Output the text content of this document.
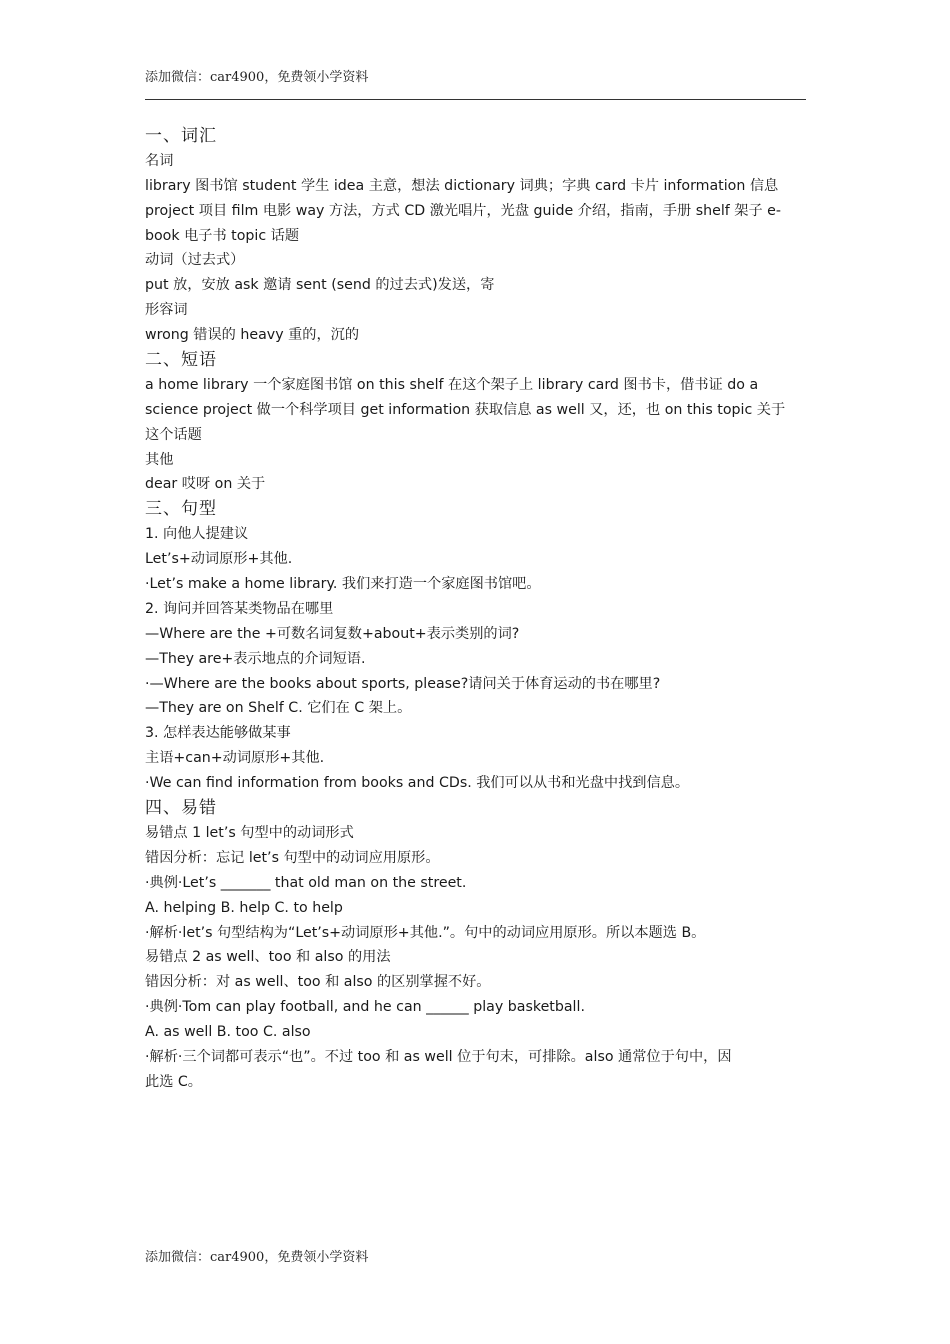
添加微信：car4900，免费领小学资料
一、词汇
名词
library 图书馆 student 学生 idea 主意，想法 dictionary 词典；字典 card 卡片 information 信息
project 项目 film 电影 way 方法，方式 CD 激光唱片，光盘 guide 介绍，指南，手册 shelf 架子 e-
book 电子书 topic 话题
动词（过去式）
put 放，安放 ask 邀请 sent (send 的过去式)发送，寄
形容词
wrong 错误的 heavy 重的，沉的
二、短语
a home library 一个家庭图书馆 on this shelf 在这个架子上 library card 图书卡，借书证 do a
science project 做一个科学项目 get information 获取信息 as well 又，还，也 on this topic 关于
这个话题
其他
dear 哎呀 on 关于
三、句型
1. 向他人提建议
Let’s+动词原形+其他.
·Let’s make a home library. 我们来打造一个家庭图书馆吧。
2. 询问并回答某类物品在哪里
—Where are the +可数名词复数+about+表示类别的词?
—They are+表示地点的介词短语.
·—Where are the books about sports, please?请问关于体育运动的书在哪里?
—They are on Shelf C. 它们在 C 架上。
3. 怎样表达能够做某事
主语+can+动词原形+其他.
·We can find information from books and CDs. 我们可以从书和光盘中找到信息。
四、易错
易错点 1 let’s 句型中的动词形式
错因分析：忘记 let’s 句型中的动词应用原形。
·典例·Let’s _______ that old man on the street.
A. helping B. help C. to help
·解析·let’s 句型结构为“Let’s+动词原形+其他.”。句中的动词应用原形。所以本题选 B。
易错点 2 as well、too 和 also 的用法
错因分析：对 as well、too 和 also 的区别掌握不好。
·典例·Tom can play football, and he can ______ play basketball.
A. as well B. too C. also
·解析·三个词都可表示“也”。不过 too 和 as well 位于句末，可排除。also 通常位于句中，因
此选 C。
添加微信：car4900，免费领小学资料
